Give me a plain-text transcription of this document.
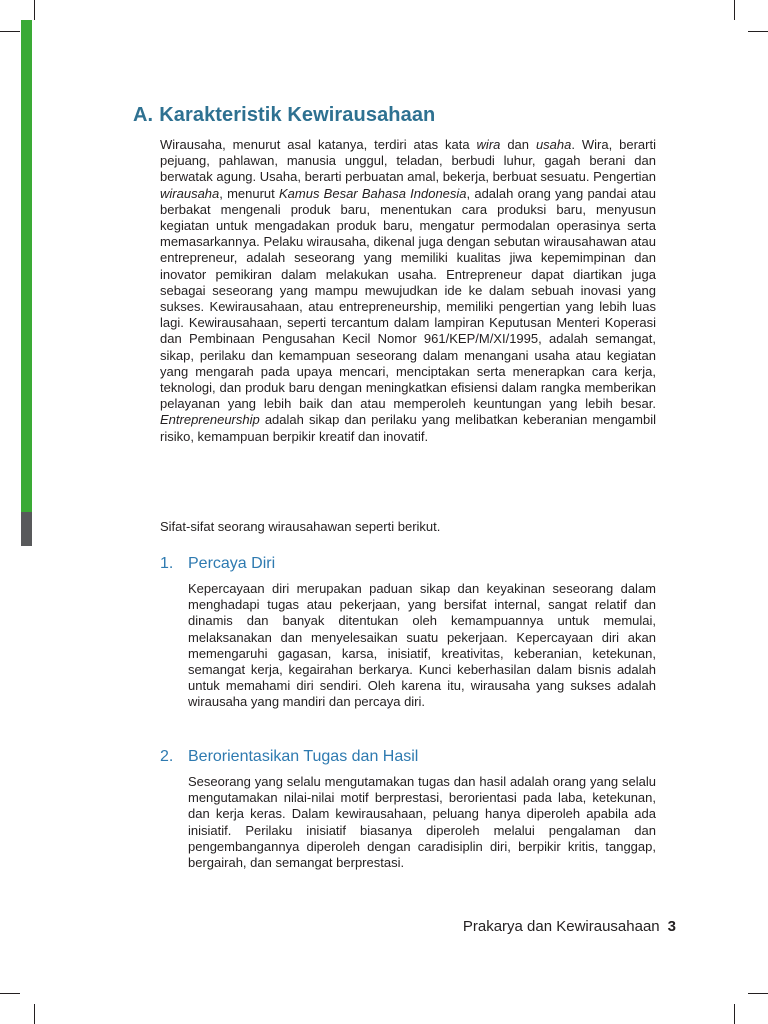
A. Karakteristik Kewirausahaan

Wirausaha, menurut asal katanya, terdiri atas kata wira dan usaha. Wira, berarti pejuang, pahlawan, manusia unggul, teladan, berbudi luhur, gagah berani dan berwatak agung. Usaha, berarti perbuatan amal, bekerja, berbuat sesuatu. Pengertian wirausaha, menurut Kamus Besar Bahasa Indonesia, adalah orang yang pandai atau berbakat mengenali produk baru, menentukan cara produksi baru, menyusun kegiatan untuk mengadakan produk baru, mengatur permodalan operasinya serta memasarkannya. Pelaku wirausaha, dikenal juga dengan sebutan wirausahawan atau entrepreneur, adalah seseorang yang memiliki kualitas jiwa kepemimpinan dan inovator pemikiran dalam melakukan usaha. Entrepreneur dapat diartikan juga sebagai seseorang yang mampu mewujudkan ide ke dalam sebuah inovasi yang sukses. Kewirausahaan, atau entrepreneurship, memiliki pengertian yang lebih luas lagi. Kewirausahaan, seperti tercantum dalam lampiran Keputusan Menteri Koperasi dan Pembinaan Pengusahan Kecil Nomor 961/KEP/M/XI/1995, adalah semangat, sikap, perilaku dan kemampuan seseorang dalam menangani usaha atau kegiatan yang mengarah pada upaya mencari, menciptakan serta menerapkan cara kerja, teknologi, dan produk baru dengan meningkatkan efisiensi dalam rangka memberikan pelayanan yang lebih baik dan atau memperoleh keuntungan yang lebih besar. Entrepreneurship adalah sikap dan perilaku yang melibatkan keberanian mengambil risiko, kemampuan berpikir kreatif dan inovatif.

Sifat-sifat seorang wirausahawan seperti berikut.

1. Percaya Diri

Kepercayaan diri merupakan paduan sikap dan keyakinan seseorang dalam menghadapi tugas atau pekerjaan, yang bersifat internal, sangat relatif dan dinamis dan banyak ditentukan oleh kemampuannya untuk memulai, melaksanakan dan menyelesaikan suatu pekerjaan. Kepercayaan diri akan memengaruhi gagasan, karsa, inisiatif, kreativitas, keberanian, ketekunan, semangat kerja, kegairahan berkarya. Kunci keberhasilan dalam bisnis adalah untuk memahami diri sendiri. Oleh karena itu, wirausaha yang sukses adalah wirausaha yang mandiri dan percaya diri.

2. Berorientasikan Tugas dan Hasil

Seseorang yang selalu mengutamakan tugas dan hasil adalah orang yang selalu mengutamakan nilai-nilai motif berprestasi, berorientasi pada laba, ketekunan, dan kerja keras. Dalam kewirausahaan, peluang hanya diperoleh apabila ada inisiatif. Perilaku inisiatif biasanya diperoleh melalui pengalaman dan pengembangannya diperoleh dengan caradisiplin diri, berpikir kritis, tanggap, bergairah, dan semangat berprestasi.

Prakarya dan Kewirausahaan 3
